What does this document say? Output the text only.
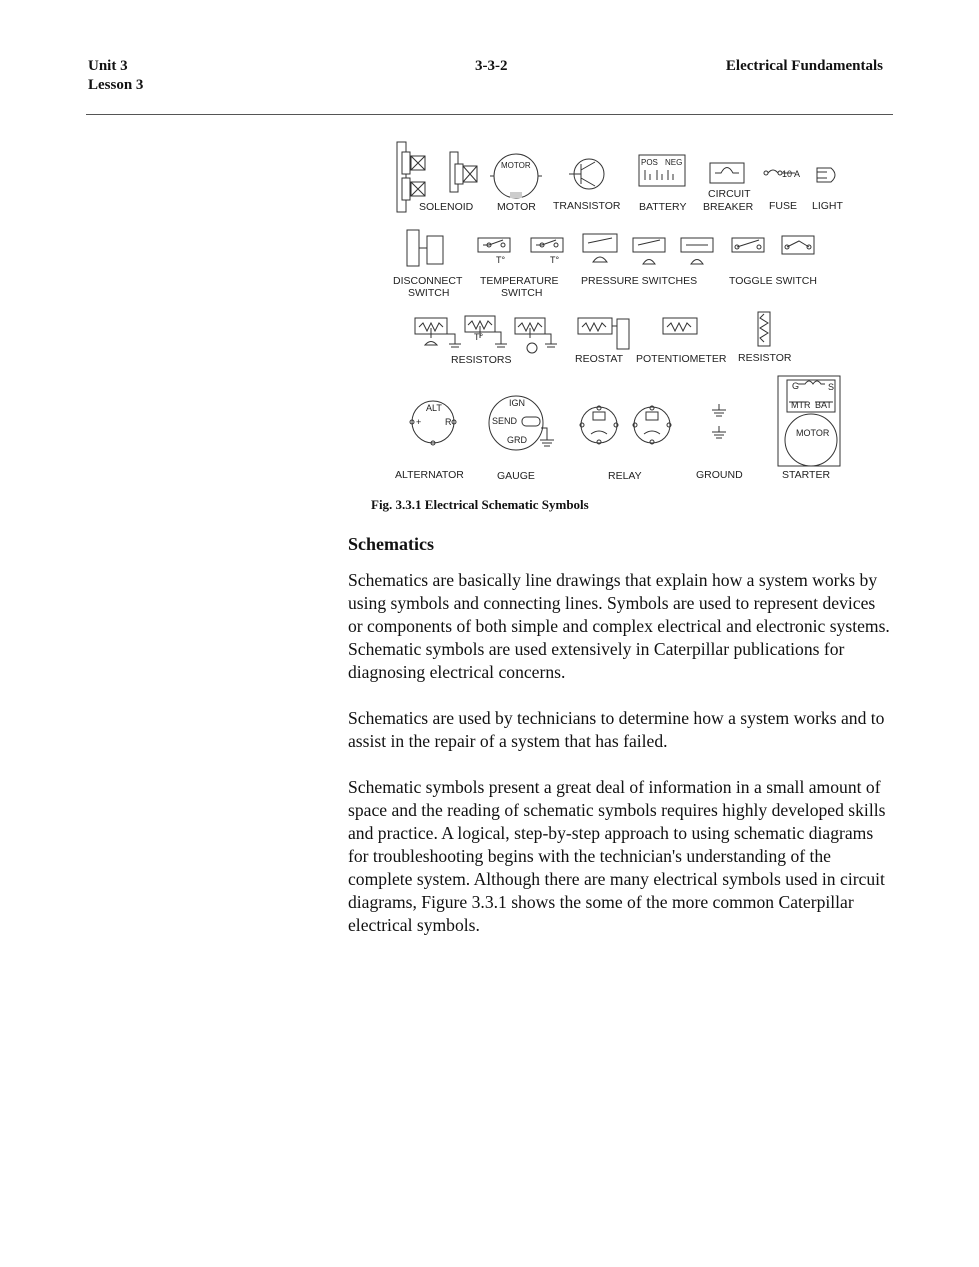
Unit 3
Lesson 3
3-3-2	Electrical Fundamentals
MOTOR	POS NEG
10 A
SOLENOID MOTOR TRANSISTOR BATTERY
CIRCUIT
BREAKER FUSE LIGHT
T°	T°
DISCONNECT
SWITCH
TEMPERATURE
SWITCH
PRESSURE SWITCHES	TOGGLE SWITCH
T°
RESISTORS	REOSTAT POTENTIOMETER RESISTOR
ALT
+	R
IGN
SEND
GRD
G	S
MTR BAT
MOTOR
ALTERNATOR	GAUGE	RELAY	GROUND	STARTER
Fig. 3.3.1 Electrical Schematic Symbols
Schematics

Schematics are basically line drawings that explain how a system works by using symbols and connecting lines. Symbols are used to represent devices or components of both simple and complex electrical and electronic systems. Schematic symbols are used extensively in Caterpillar publications for diagnosing electrical concerns.

Schematics are used by technicians to determine how a system works and to assist in the repair of a system that has failed.

Schematic symbols present a great deal of information in a small amount of space and the reading of schematic symbols requires highly developed skills and practice. A logical, step-by-step approach to using schematic diagrams for troubleshooting begins with the technician's understanding of the complete system. Although there are many electrical symbols used in circuit diagrams, Figure 3.3.1 shows the some of the more common Caterpillar electrical symbols.
